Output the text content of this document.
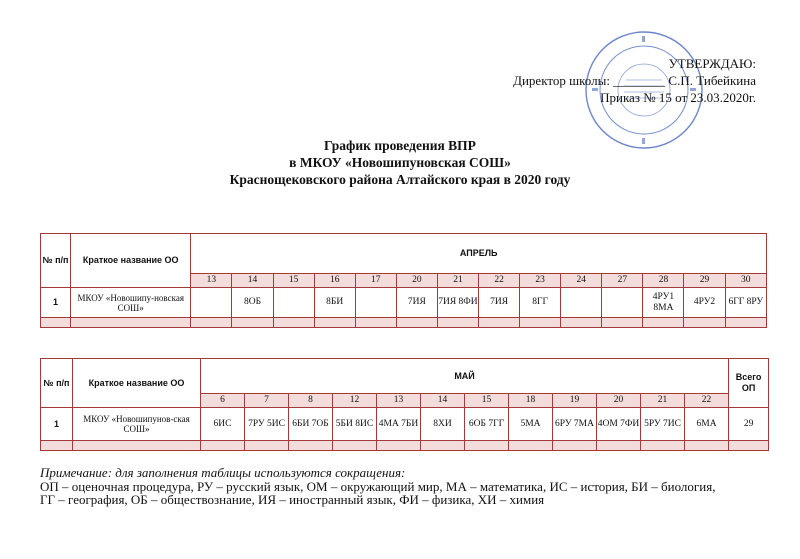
УТВЕРЖДАЮ:
Директор школы: ________ С.П. Тибейкина
Приказ № 15 от 23.03.2020г.
График проведения ВПР
в МКОУ «Новошипуновская СОШ»
Краснощековского района Алтайского края в 2020 году
№ п/п	Краткое название ОО	АПРЕЛЬ													
		13	14	15	16	17	20	21	22	23	24	27	28	29	30
1	МКОУ «Новошипу-новская СОШ»		8ОБ		8БИ		7ИЯ	7ИЯ 8ФИ	7ИЯ	8ГГ			4РУ1 8МА	4РУ2	6ГГ 8РУ

№ п/п	Краткое название ОО	МАЙ												Всего ОП
		6	7	8	12	13	14	15	18	19	20	21	22	
1	МКОУ «Новошипунов-ская СОШ»	6ИС	7РУ 5ИС	6БИ 7ОБ	5БИ 8ИС	4МА 7БИ	8ХИ	6ОБ 7ГГ	5МА	6РУ 7МА	4ОМ 7ФИ	5РУ 7ИС	6МА	29

Примечание: для заполнения таблицы используются сокращения:
ОП – оценочная процедура, РУ – русский язык, ОМ – окружающий мир, МА – математика, ИС – история, БИ – биология,
ГГ – география, ОБ – обществознание, ИЯ – иностранный язык, ФИ – физика, ХИ – химия
